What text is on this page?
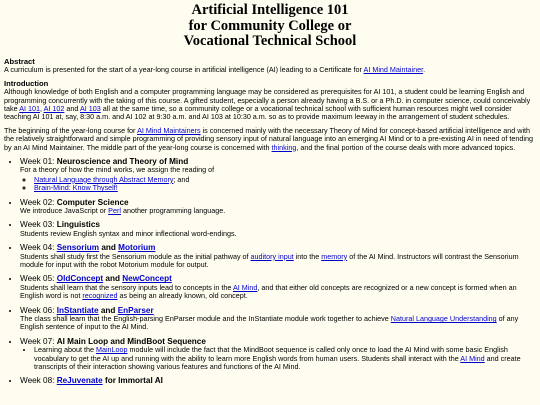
Artificial Intelligence 101
for Community College or
Vocational Technical School
Abstract

A curriculum is presented for the start of a year-long course in artificial intelligence (AI) leading to a Certificate for AI Mind Maintainer.

Introduction

Although knowledge of both English and a computer programming language may be considered as prerequisites for AI 101, a student could be learning English and programming concurrently with the taking of this course. A gifted student, especially a person already having a B.S. or a Ph.D. in computer science, could conceivably take AI 101, AI 102 and AI 103 all at the same time, so a community college or a vocational technical school with sufficient human resources might well consider teaching AI 101 at, say, 8:30 a.m. and AI 102 at 9:30 a.m. and AI 103 at 10:30 a.m. so as to provide maximum leeway in the arrangement of student schedules.

The beginning of the year-long course for AI Mind Maintainers is concerned mainly with the necessary Theory of Mind for concept-based artificial intelligence and with the relatively straightforward and simple programming of providing sensory input of natural language into an emerging AI Mind or to a pre-existing AI in need of tending by an AI Mind Maintainer. The middle part of the year-long course is concerned with thinking, and the final portion of the course deals with more advanced topics.

• Week 01: Neuroscience and Theory of Mind
For a theory of how the mind works, we assign the reading of
◦ Natural Language through Abstract Memory; and
◦ Brain-Mind: Know Thyself!
• Week 02: Computer Science
We introduce JavaScript or Perl another programming language.
• Week 03: Linguistics
Students review English syntax and minor inflectional word-endings.
• Week 04: Sensorium and Motorium
Students shall study first the Sensorium module as the initial pathway of auditory input into the memory of the AI Mind. Instructors will contrast the Sensorium module for input with the robot Motorium module for output.
• Week 05: OldConcept and NewConcept
Students shall learn that the sensory inputs lead to concepts in the AI Mind, and that either old concepts are recognized or a new concept is formed when an English word is not recognized as being an already known, old concept.
• Week 06: InStantiate and EnParser
The class shall learn that the English-parsing EnParser module and the InStantiate module work together to achieve Natural Language Understanding of any English sentence of input to the AI Mind.
• Week 07: AI Main Loop and MindBoot Sequence
• Learning about the MainLoop module will include the fact that the MindBoot sequence is called only once to load the AI Mind with some basic English vocabulary to get the AI up and running with the ability to learn more English words from human users. Students shall interact with the AI Mind and create transcripts of their interaction showing various features and functions of the AI Mind.
• Week 08: ReJuvenate for Immortal AI
